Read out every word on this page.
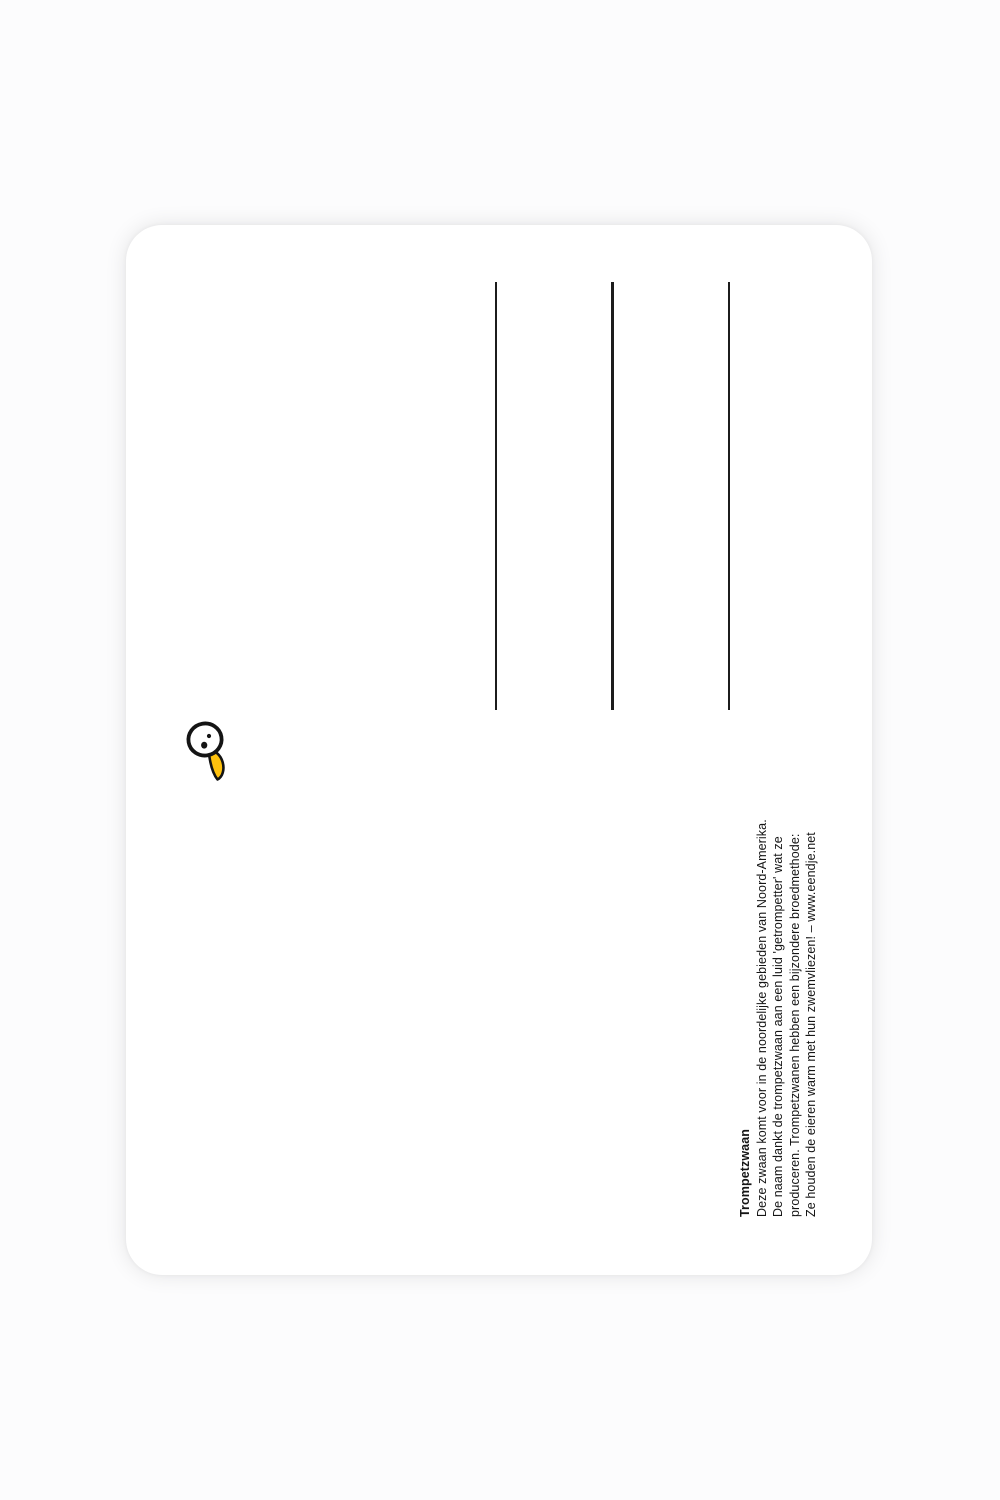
Trompetzwaan Deze zwaan komt voor in de noordelijke gebieden van Noord-Amerika. De naam dankt de trompetzwaan aan een luid 'getrompetter' wat ze produceren. Trompetzwanen hebben een bijzondere broedmethode: Ze houden de eieren warm met hun zwemvliezen! – www.eendje.net
